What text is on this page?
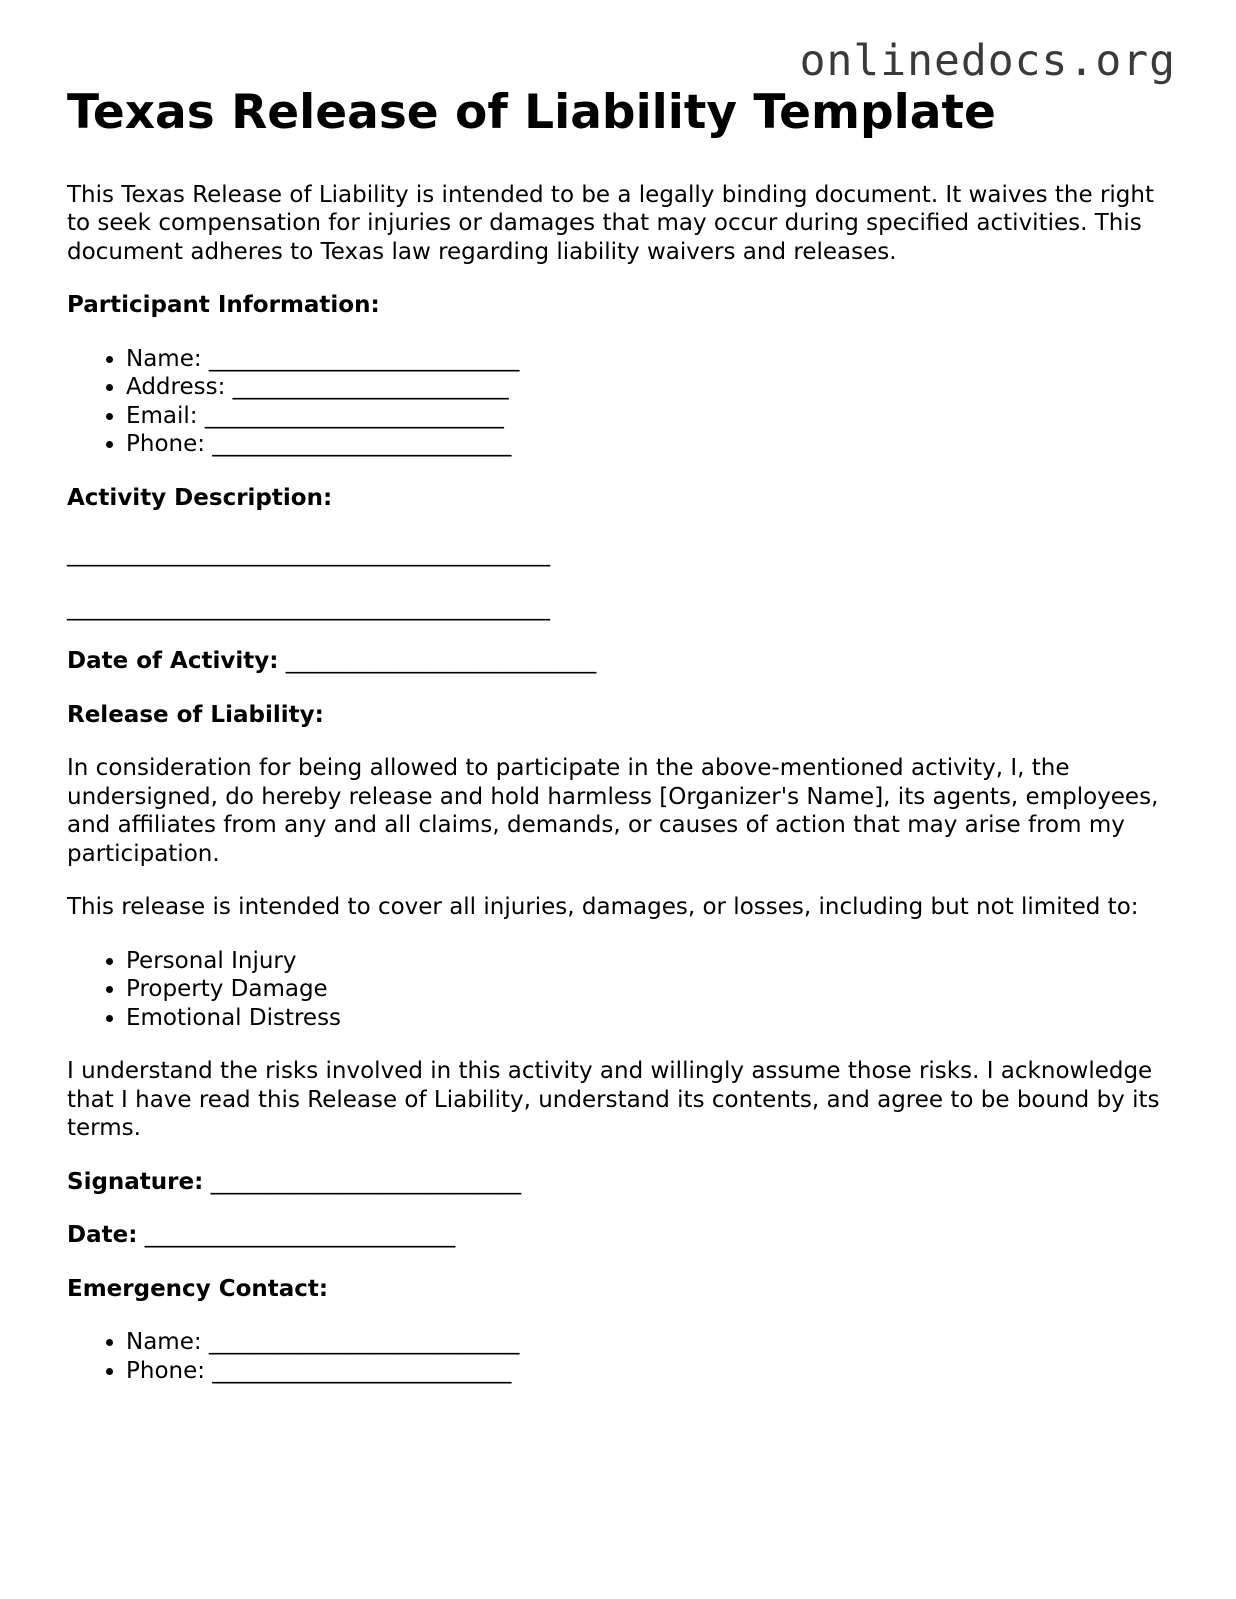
onlinedocs.org
Texas Release of Liability Template

This Texas Release of Liability is intended to be a legally binding document. It waives the right to seek compensation for injuries or damages that may occur during specified activities. This document adheres to Texas law regarding liability waivers and releases.

Participant Information:

• Name: ___________________________
• Address: ________________________
• Email: __________________________
• Phone: __________________________

Activity Description:

__________________________________________
__________________________________________

Date of Activity: ___________________________

Release of Liability:

In consideration for being allowed to participate in the above-mentioned activity, I, the undersigned, do hereby release and hold harmless [Organizer's Name], its agents, employees, and affiliates from any and all claims, demands, or causes of action that may arise from my participation.

This release is intended to cover all injuries, damages, or losses, including but not limited to:

• Personal Injury
• Property Damage
• Emotional Distress

I understand the risks involved in this activity and willingly assume those risks. I acknowledge that I have read this Release of Liability, understand its contents, and agree to be bound by its terms.

Signature: ___________________________

Date: ___________________________

Emergency Contact:

• Name: ___________________________
• Phone: __________________________
